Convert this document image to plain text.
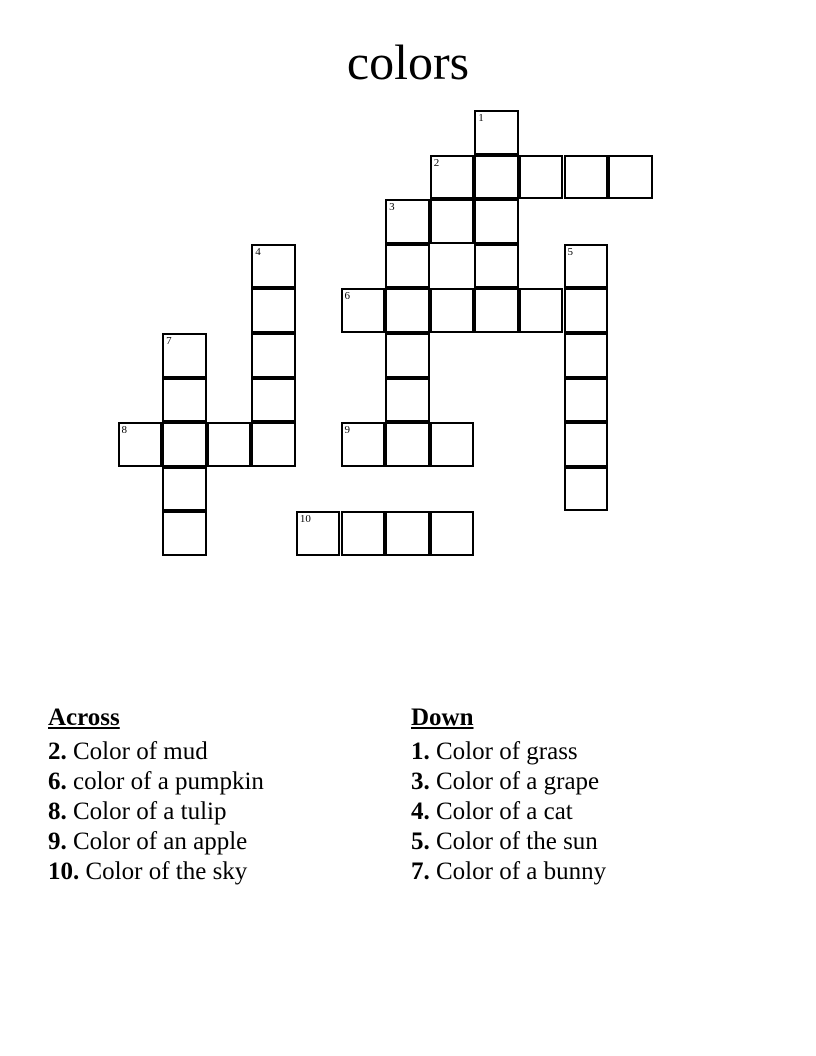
colors
1
2
3
4	5
6
7
8	9
10
Across
2. Color of mud
6. color of a pumpkin
8. Color of a tulip
9. Color of an apple
10. Color of the sky
Down
1. Color of grass
3. Color of a grape
4. Color of a cat
5. Color of the sun
7. Color of a bunny
